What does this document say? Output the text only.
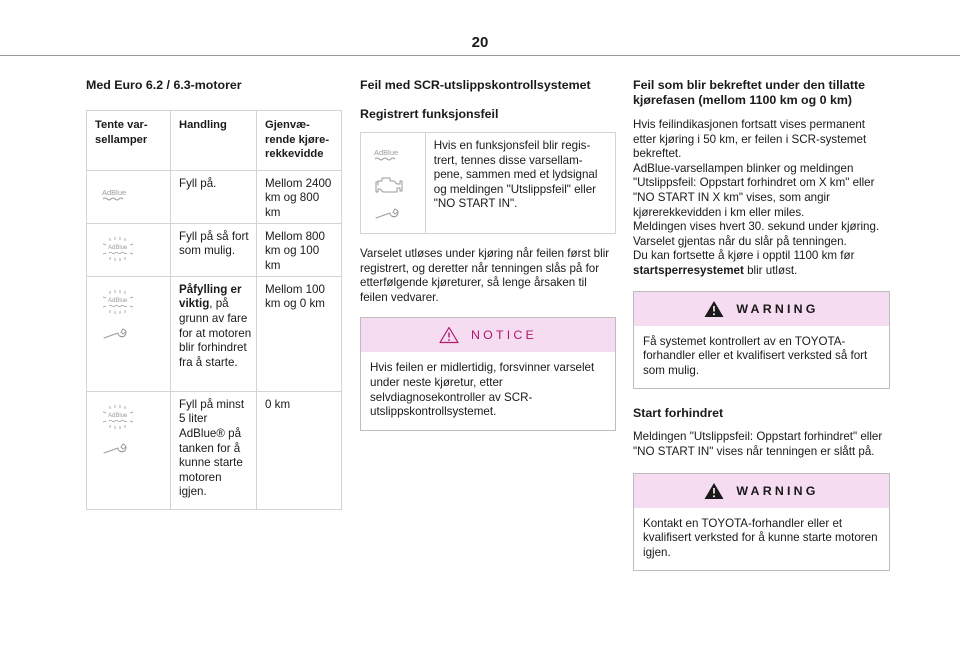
20
Med Euro 6.2 / 6.3-motorer
Tente var-
sellamper
Handling	Gjenvæ-
rende kjøre-
rekkevidde
AdBlue
Fyll på.	Mellom 2400 km og 800 km
AdBlue
Fyll på så fort som mulig.
Mellom 800 km og 100 km
AdBlue
Påfylling er viktig, på grunn av fare for at motoren blir forhindret fra å starte.
Mellom 100 km og 0 km
AdBlue
Fyll på minst 5 liter AdBlue® på tanken for å kunne starte motoren igjen.
0 km
Feil med SCR-utslippskontrollsystemet
Registrert funksjonsfeil
AdBlue

Hvis en funksjonsfeil blir regis-trert, tennes disse varsellam-pene, sammen med et lydsignal og meldingen "Utslippsfeil" eller "NO START IN".

Varselet utløses under kjøring når feilen først blir registrert, og deretter når tenningen slås på for etterfølgende kjøreturer, så lenge årsaken til feilen vedvarer.

NOTICE

Hvis feilen er midlertidig, forsvinner varselet under neste kjøretur, etter selvdiagnosekontroller av SCR-utslippskontrollsystemet.

Feil som blir bekreftet under den tillatte kjørefasen (mellom 1100 km og 0 km)

Hvis feilindikasjonen fortsatt vises permanent etter kjøring i 50 km, er feilen i SCR-systemet bekreftet.

AdBlue-varsellampen blinker og meldingen "Utslippsfeil: Oppstart forhindret om X km" eller "NO START IN X km" vises, som angir kjørerekkevidden i km eller miles.

Meldingen vises hvert 30. sekund under kjøring. Varselet gjentas når du slår på tenningen.

Du kan fortsette å kjøre i opptil 1100 km før startsperresystemet blir utløst.

WARNING

Få systemet kontrollert av en TOYOTA-forhandler eller et kvalifisert verksted så fort som mulig.

Start forhindret

Meldingen "Utslippsfeil: Oppstart forhindret" eller "NO START IN" vises når tenningen er slått på.

WARNING

Kontakt en TOYOTA-forhandler eller et kvalifisert verksted for å kunne starte motoren igjen.
